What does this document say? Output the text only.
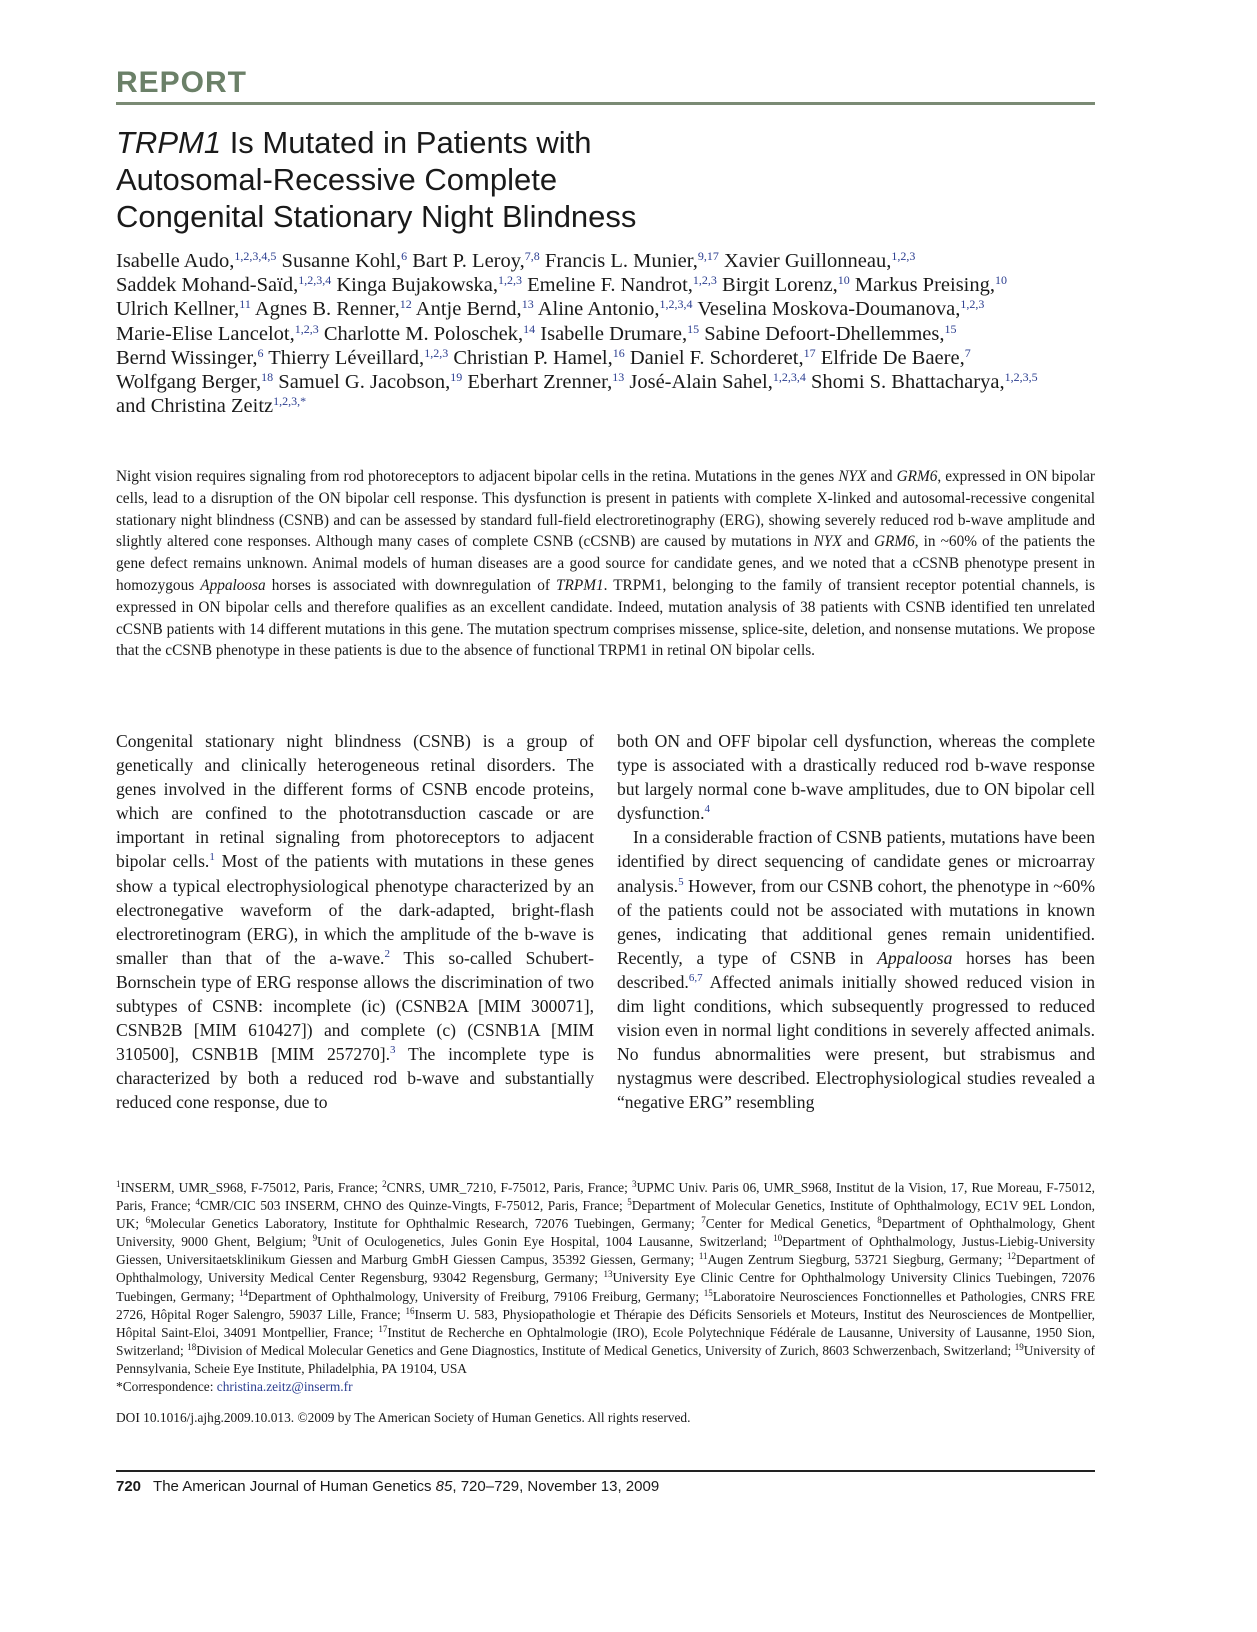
REPORT
TRPM1 Is Mutated in Patients with
Autosomal-Recessive Complete
Congenital Stationary Night Blindness
Isabelle Audo,$^{1,2,3,4,5}$ Susanne Kohl,$^6$ Bart P. Leroy,$^{7,8}$ Francis L. Munier,$^{9,17}$ Xavier Guillonneau,$^{1,2,3}$ Saddek Mohand-Saïd,$^{1,2,3,4}$ Kinga Bujakowska,$^{1,2,3}$ Emeline F. Nandrot,$^{1,2,3}$ Birgit Lorenz,$^{10}$ Markus Preising,$^{10}$ Ulrich Kellner,$^{11}$ Agnes B. Renner,$^{12}$ Antje Bernd,$^{13}$ Aline Antonio,$^{1,2,3,4}$ Veselina Moskova-Doumanova,$^{1,2,3}$ Marie-Elise Lancelot,$^{1,2,3}$ Charlotte M. Poloschek,$^{14}$ Isabelle Drumare,$^{15}$ Sabine Defoort-Dhellemmes,$^{15}$ Bernd Wissinger,$^6$ Thierry Léveillard,$^{1,2,3}$ Christian P. Hamel,$^{16}$ Daniel F. Schorderet,$^{17}$ Elfride De Baere,$^7$ Wolfgang Berger,$^{18}$ Samuel G. Jacobson,$^{19}$ Eberhart Zrenner,$^{13}$ José-Alain Sahel,$^{1,2,3,4}$ Shomi S. Bhattacharya,$^{1,2,3,5}$ and Christina Zeitz$^{1,2,3,*}$
Night vision requires signaling from rod photoreceptors to adjacent bipolar cells in the retina. Mutations in the genes NYX and GRM6, expressed in ON bipolar cells, lead to a disruption of the ON bipolar cell response. This dysfunction is present in patients with complete X-linked and autosomal-recessive congenital stationary night blindness (CSNB) and can be assessed by standard full-field electroretinography (ERG), showing severely reduced rod b-wave amplitude and slightly altered cone responses. Although many cases of complete CSNB (cCSNB) are caused by mutations in NYX and GRM6, in ~60% of the patients the gene defect remains unknown. Animal models of human diseases are a good source for candidate genes, and we noted that a cCSNB phenotype present in homozygous Appaloosa horses is associated with downregulation of TRPM1. TRPM1, belonging to the family of transient receptor potential channels, is expressed in ON bipolar cells and therefore qualifies as an excellent candidate. Indeed, mutation analysis of 38 patients with CSNB identified ten unrelated cCSNB patients with 14 different mutations in this gene. The mutation spectrum comprises missense, splice-site, deletion, and nonsense mutations. We propose that the cCSNB phenotype in these patients is due to the absence of functional TRPM1 in retinal ON bipolar cells.

Congenital stationary night blindness (CSNB) is a group of genetically and clinically heterogeneous retinal disorders. The genes involved in the different forms of CSNB encode proteins, which are confined to the phototransduction cascade or are important in retinal signaling from photoreceptors to adjacent bipolar cells.$^1$ Most of the patients with mutations in these genes show a typical electrophysiological phenotype characterized by an electronegative waveform of the dark-adapted, bright-flash electroretinogram (ERG), in which the amplitude of the b-wave is smaller than that of the a-wave.$^2$ This so-called Schubert-Bornschein type of ERG response allows the discrimination of two subtypes of CSNB: incomplete (ic) (CSNB2A [MIM 300071], CSNB2B [MIM 610427]) and complete (c) (CSNB1A [MIM 310500], CSNB1B [MIM 257270].$^3$ The incomplete type is characterized by both a reduced rod b-wave and substantially reduced cone response, due to

both ON and OFF bipolar cell dysfunction, whereas the complete type is associated with a drastically reduced rod b-wave response but largely normal cone b-wave amplitudes, due to ON bipolar cell dysfunction.$^4$

In a considerable fraction of CSNB patients, mutations have been identified by direct sequencing of candidate genes or microarray analysis.$^5$ However, from our CSNB cohort, the phenotype in ~60% of the patients could not be associated with mutations in known genes, indicating that additional genes remain unidentified. Recently, a type of CSNB in Appaloosa horses has been described.$^{6,7}$ Affected animals initially showed reduced vision in dim light conditions, which subsequently progressed to reduced vision even in normal light conditions in severely affected animals. No fundus abnormalities were present, but strabismus and nystagmus were described. Electrophysiological studies revealed a “negative ERG” resembling

$^1$INSERM, UMR_S968, F-75012, Paris, France; $^2$CNRS, UMR_7210, F-75012, Paris, France; $^3$UPMC Univ. Paris 06, UMR_S968, Institut de la Vision, 17, Rue Moreau, F-75012, Paris, France; $^4$CMR/CIC 503 INSERM, CHNO des Quinze-Vingts, F-75012, Paris, France; $^5$Department of Molecular Genetics, Institute of Ophthalmology, EC1V 9EL London, UK; $^6$Molecular Genetics Laboratory, Institute for Ophthalmic Research, 72076 Tuebingen, Germany; $^7$Center for Medical Genetics, $^8$Department of Ophthalmology, Ghent University, 9000 Ghent, Belgium; $^9$Unit of Oculogenetics, Jules Gonin Eye Hospital, 1004 Lausanne, Switzerland; $^{10}$Department of Ophthalmology, Justus-Liebig-University Giessen, Universitaetsklinikum Giessen and Marburg GmbH Giessen Campus, 35392 Giessen, Germany; $^{11}$Augen Zentrum Siegburg, 53721 Siegburg, Germany; $^{12}$Department of Ophthalmology, University Medical Center Regensburg, 93042 Regensburg, Germany; $^{13}$University Eye Clinic Centre for Ophthalmology University Clinics Tuebingen, 72076 Tuebingen, Germany; $^{14}$Department of Ophthalmology, University of Freiburg, 79106 Freiburg, Germany; $^{15}$Laboratoire Neurosciences Fonctionnelles et Pathologies, CNRS FRE 2726, Hôpital Roger Salengro, 59037 Lille, France; $^{16}$Inserm U. 583, Physiopathologie et Thérapie des Déficits Sensoriels et Moteurs, Institut des Neurosciences de Montpellier, Hôpital Saint-Eloi, 34091 Montpellier, France; $^{17}$Institut de Recherche en Ophtalmologie (IRO), Ecole Polytechnique Fédérale de Lausanne, University of Lausanne, 1950 Sion, Switzerland; $^{18}$Division of Medical Molecular Genetics and Gene Diagnostics, Institute of Medical Genetics, University of Zurich, 8603 Schwerzenbach, Switzerland; $^{19}$University of Pennsylvania, Scheie Eye Institute, Philadelphia, PA 19104, USA
*Correspondence: christina.zeitz@inserm.fr
DOI 10.1016/j.ajhg.2009.10.013. ©2009 by The American Society of Human Genetics. All rights reserved.
720 The American Journal of Human Genetics 85, 720–729, November 13, 2009
